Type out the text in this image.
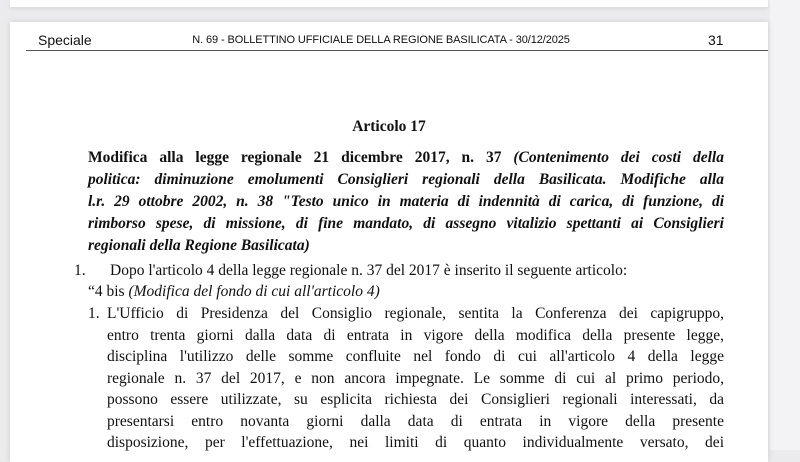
Speciale	N. 69 - BOLLETTINO UFFICIALE DELLA REGIONE BASILICATA - 30/12/2025	31
Articolo 17
Modifica alla legge regionale 21 dicembre 2017, n. 37 (Contenimento dei costi della
politica: diminuzione emolumenti Consiglieri regionali della Basilicata. Modifiche alla
l.r. 29 ottobre 2002, n. 38 "Testo unico in materia di indennità di carica, di funzione, di
rimborso spese, di missione, di fine mandato, di assegno vitalizio spettanti ai Consiglieri
regionali della Regione Basilicata)
1. Dopo l'articolo 4 della legge regionale n. 37 del 2017 è inserito il seguente articolo:
“4 bis (Modifica del fondo di cui all'articolo 4)
1. L'Ufficio di Presidenza del Consiglio regionale, sentita la Conferenza dei capigruppo,
entro trenta giorni dalla data di entrata in vigore della modifica della presente legge,
disciplina l'utilizzo delle somme confluite nel fondo di cui all'articolo 4 della legge
regionale n. 37 del 2017, e non ancora impegnate. Le somme di cui al primo periodo,
possono essere utilizzate, su esplicita richiesta dei Consiglieri regionali interessati, da
presentarsi entro novanta giorni dalla data di entrata in vigore della presente
disposizione, per l'effettuazione, nei limiti di quanto individualmente versato, dei
